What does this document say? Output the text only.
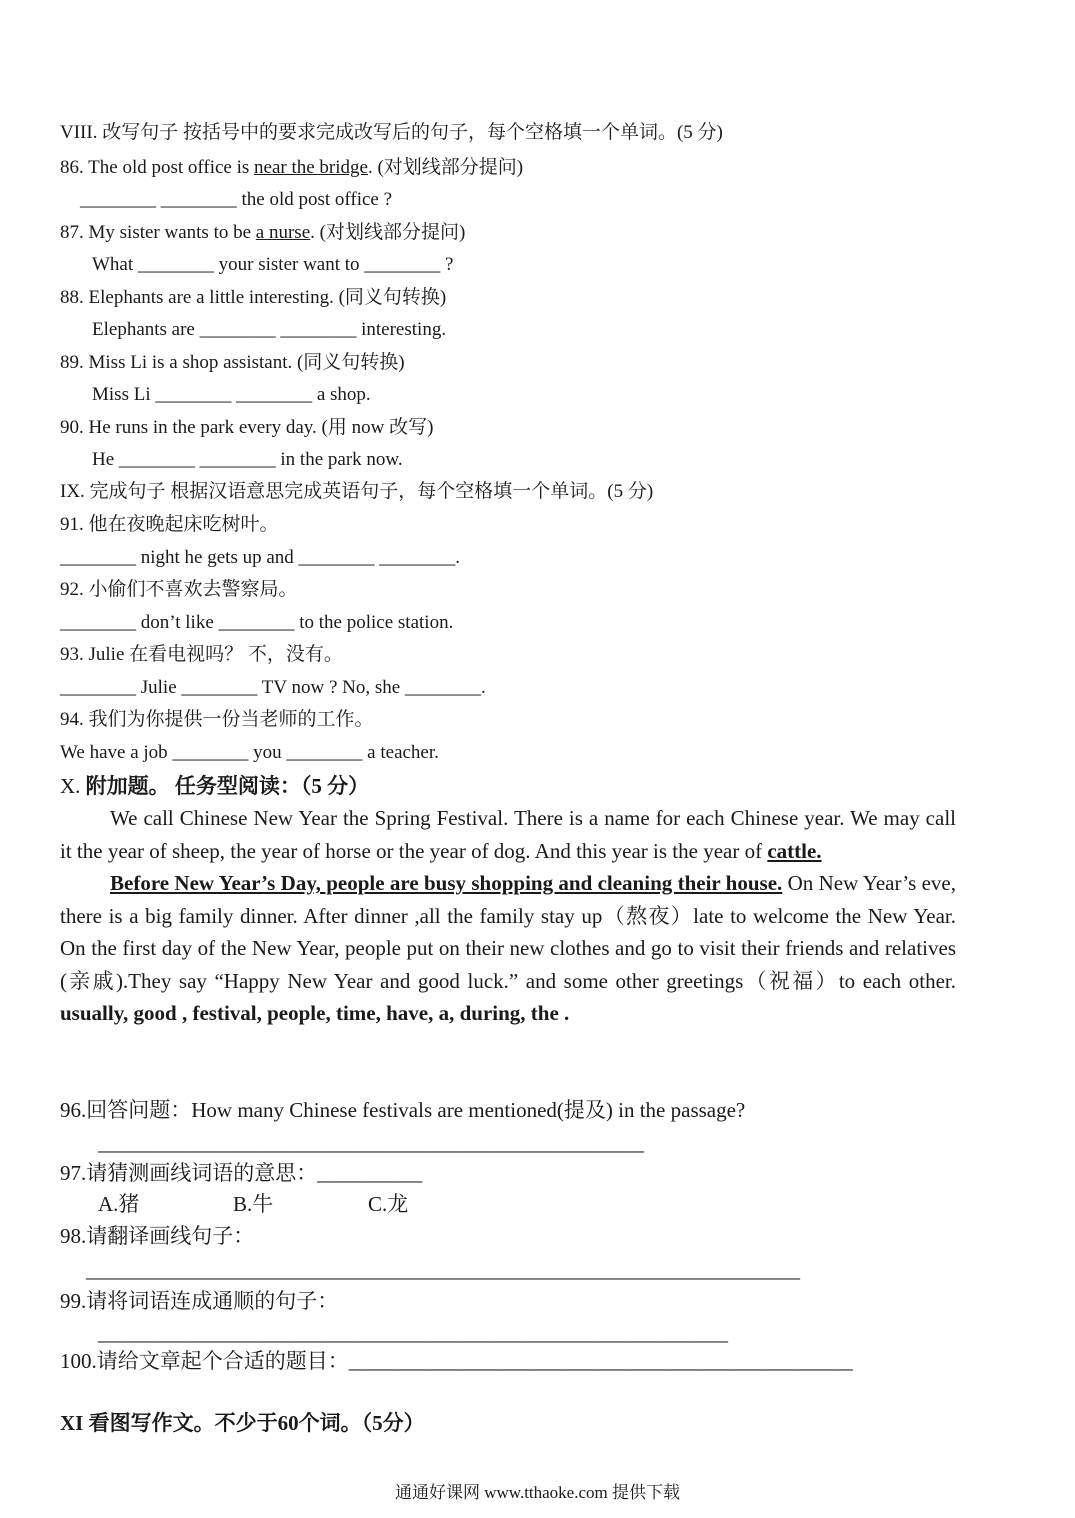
VIII. 改写句子 按括号中的要求完成改写后的句子，每个空格填一个单词。(5 分)
86. The old post office is near the bridge. (对划线部分提问)
________ ________ the old post office ?
87. My sister wants to be a nurse. (对划线部分提问)
What ________ your sister want to ________ ?
88. Elephants are a little interesting. (同义句转换)
Elephants are ________ ________ interesting.
89. Miss Li is a shop assistant. (同义句转换)
Miss Li ________ ________ a shop.
90. He runs in the park every day. (用 now 改写)
He ________ ________ in the park now.
IX. 完成句子 根据汉语意思完成英语句子，每个空格填一个单词。(5 分)
91. 他在夜晚起床吃树叶。
________ night he gets up and ________ ________.
92. 小偷们不喜欢去警察局。
________ don’t like ________ to the police station.
93. Julie 在看电视吗？ 不，没有。
________ Julie ________ TV now ? No, she ________.
94. 我们为你提供一份当老师的工作。
We have a job ________ you ________ a teacher.
X. 附加题。 任务型阅读：（5 分）

We call Chinese New Year the Spring Festival. There is a name for each Chinese year. We may call it the year of sheep, the year of horse or the year of dog. And this year is the year of cattle.

Before New Year’s Day, people are busy shopping and cleaning their house. On New Year’s eve, there is a big family dinner. After dinner ,all the family stay up（熬夜）late to welcome the New Year. On the first day of the New Year, people put on their new clothes and go to visit their friends and relatives (亲戚).They say “Happy New Year and good luck.” and some other greetings（祝福）to each other. usually, good , festival, people, time, have, a, during, the .

96.回答问题：How many Chinese festivals are mentioned(提及) in the passage?
____________________________________________________
97.请猜测画线词语的意思：__________
A.猪	B.牛	C.龙
98.请翻译画线句子：
____________________________________________________________________
99.请将词语连成通顺的句子：
____________________________________________________________
100.请给文章起个合适的题目：________________________________________________
XI 看图写作文。不少于60个词。（5分）
通通好课网 www.tthaoke.com 提供下载
